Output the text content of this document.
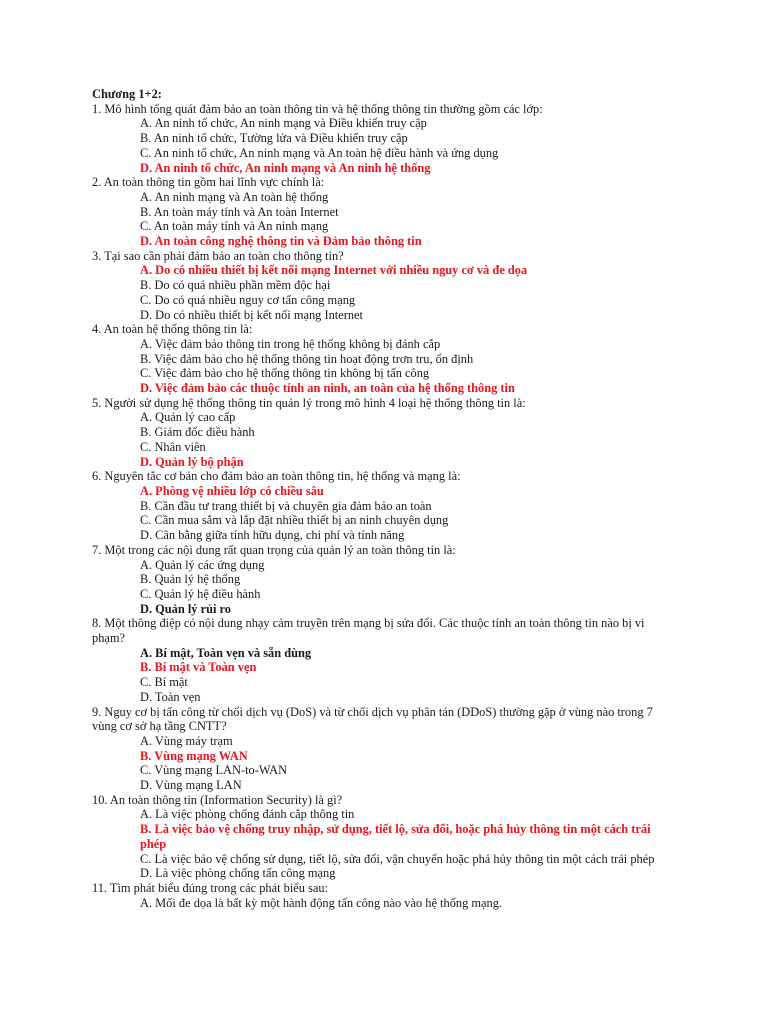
Chương 1+2:

1. Mô hình tổng quát đảm bảo an toàn thông tin và hệ thống thông tin thường gồm các lớp:

A. An ninh tổ chức, An ninh mạng và Điều khiển truy cập

B. An ninh tổ chức, Tường lửa và Điều khiển truy cập

C. An ninh tổ chức, An ninh mạng và An toàn hệ điều hành và ứng dụng

D. An ninh tổ chức, An ninh mạng và An ninh hệ thống

2. An toàn thông tin gồm hai lĩnh vực chính là:

A. An ninh mạng và An toàn hệ thống

B. An toàn máy tính và An toàn Internet

C. An toàn máy tính và An ninh mạng

D. An toàn công nghệ thông tin và Đảm bảo thông tin

3. Tại sao cần phải đảm bảo an toàn cho thông tin?

A. Do có nhiều thiết bị kết nối mạng Internet với nhiều nguy cơ và đe dọa

B. Do có quá nhiều phần mềm độc hại

C. Do có quá nhiều nguy cơ tấn công mạng

D. Do có nhiều thiết bị kết nối mạng Internet

4. An toàn hệ thống thông tin là:

A. Việc đảm bảo thông tin trong hệ thống không bị đánh cắp

B. Việc đảm bảo cho hệ thống thông tin hoạt động trơn tru, ổn định

C. Việc đảm bảo cho hệ thống thông tin không bị tấn công

D. Việc đảm bảo các thuộc tính an ninh, an toàn của hệ thống thông tin

5. Người sử dụng hệ thống thông tin quản lý trong mô hình 4 loại hệ thống thông tin là:

A. Quản lý cao cấp

B. Giám đốc điều hành

C. Nhân viên

D. Quản lý bộ phận

6. Nguyên tắc cơ bản cho đảm bảo an toàn thông tin, hệ thống và mạng là:

A. Phòng vệ nhiều lớp có chiều sâu

B. Cần đầu tư trang thiết bị và chuyên gia đảm bảo an toàn

C. Cần mua sắm và lắp đặt nhiều thiết bị an ninh chuyên dụng

D. Cân bằng giữa tính hữu dụng, chi phí và tính năng

7. Một trong các nội dung rất quan trọng của quản lý an toàn thông tin là:

A. Quản lý các ứng dụng

B. Quản lý hệ thống

C. Quản lý hệ điều hành

D. Quản lý rủi ro

8. Một thông điệp có nội dung nhạy cảm truyền trên mạng bị sửa đổi. Các thuộc tính an toàn thông tin nào bị vi phạm?

A. Bí mật, Toàn vẹn và sẵn dùng

B. Bí mật và Toàn vẹn

C. Bí mật

D. Toàn vẹn

9. Nguy cơ bị tấn công từ chối dịch vụ (DoS) và từ chối dịch vụ phân tán (DDoS) thường gặp ở vùng nào trong 7 vùng cơ sở hạ tầng CNTT?

A. Vùng máy trạm

B. Vùng mạng WAN

C. Vùng mạng LAN-to-WAN

D. Vùng mạng LAN

10. An toàn thông tin (Information Security) là gì?

A. Là việc phòng chống đánh cắp thông tin

B. Là việc bảo vệ chống truy nhập, sử dụng, tiết lộ, sửa đổi, hoặc phá hủy thông tin một cách trái phép

C. Là việc bảo vệ chống sử dụng, tiết lộ, sửa đổi, vận chuyển hoặc phá hủy thông tin một cách trái phép

D. Là việc phòng chống tấn công mạng

11. Tìm phát biểu đúng trong các phát biểu sau:

A. Mối đe dọa là bất kỳ một hành động tấn công nào vào hệ thống mạng.
